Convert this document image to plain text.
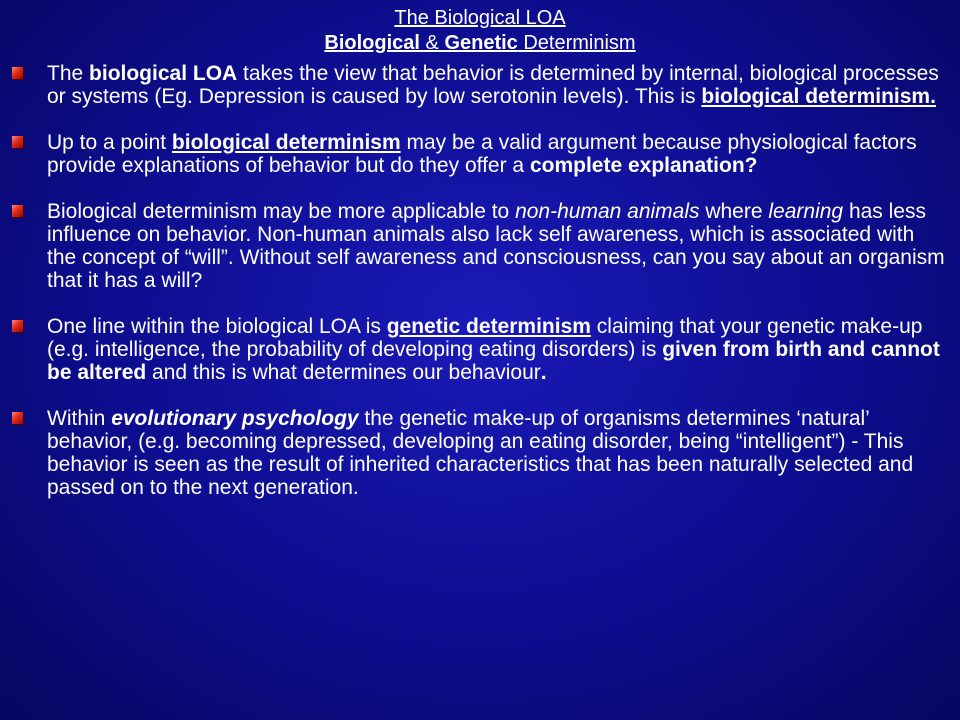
The Biological LOA
Biological & Genetic Determinism
The biological LOA takes the view that behavior is determined by internal, biological processes or systems (Eg. Depression is caused by low serotonin levels). This is biological determinism.
Up to a point biological determinism may be a valid argument because physiological factors provide explanations of behavior but do they offer a complete explanation?
Biological determinism may be more applicable to non-human animals where learning has less influence on behavior. Non-human animals also lack self awareness, which is associated with the concept of “will”. Without self awareness and consciousness, can you say about an organism that it has a will?
One line within the biological LOA is genetic determinism claiming that your genetic make-up (e.g. intelligence, the probability of developing eating disorders) is given from birth and cannot be altered and this is what determines our behaviour.
Within evolutionary psychology the genetic make-up of organisms determines ‘natural’ behavior, (e.g. becoming depressed, developing an eating disorder, being “intelligent”) - This behavior is seen as the result of inherited characteristics that has been naturally selected and passed on to the next generation.
